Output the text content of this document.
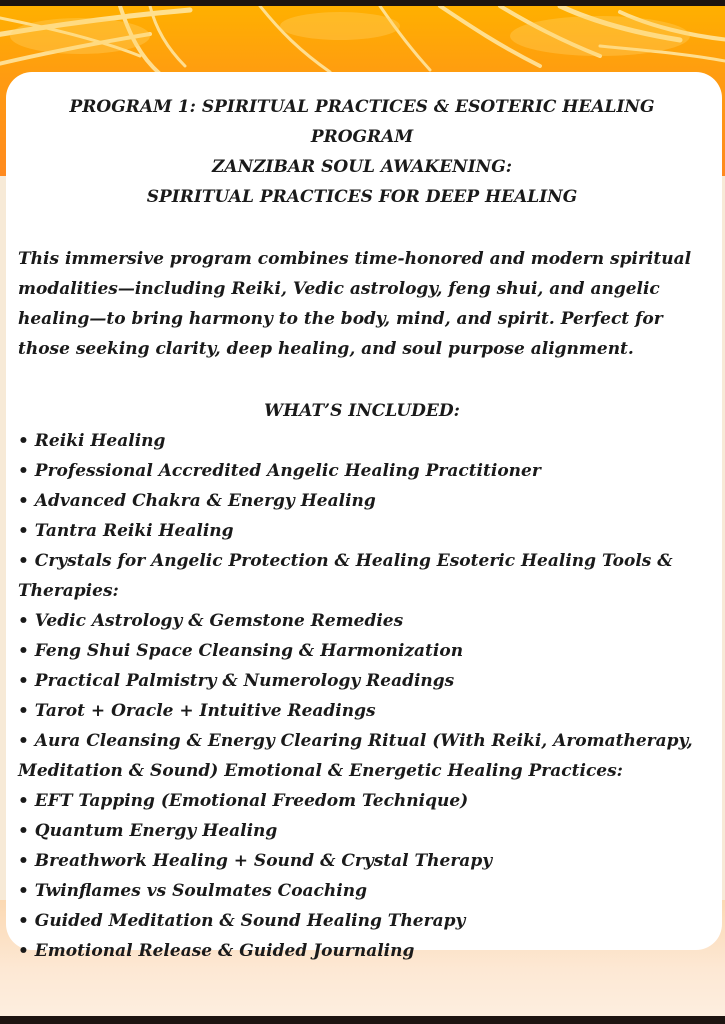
PROGRAM 1: SPIRITUAL PRACTICES & ESOTERIC HEALING PROGRAM
ZANZIBAR SOUL AWAKENING:
SPIRITUAL PRACTICES FOR DEEP HEALING

This immersive program combines time-honored and modern spiritual modalities—including Reiki, Vedic astrology, feng shui, and angelic healing—to bring harmony to the body, mind, and spirit. Perfect for those seeking clarity, deep healing, and soul purpose alignment.

WHAT’S INCLUDED:
• Reiki Healing
• Professional Accredited Angelic Healing Practitioner
• Advanced Chakra & Energy Healing
• Tantra Reiki Healing
• Crystals for Angelic Protection & Healing Esoteric Healing Tools & Therapies:
• Vedic Astrology & Gemstone Remedies
• Feng Shui Space Cleansing & Harmonization
• Practical Palmistry & Numerology Readings
• Tarot + Oracle + Intuitive Readings
• Aura Cleansing & Energy Clearing Ritual (With Reiki, Aromatherapy, Meditation & Sound) Emotional & Energetic Healing Practices:
• EFT Tapping (Emotional Freedom Technique)
• Quantum Energy Healing
• Breathwork Healing + Sound & Crystal Therapy
• Twinflames vs Soulmates Coaching
• Guided Meditation & Sound Healing Therapy
• Emotional Release & Guided Journaling
